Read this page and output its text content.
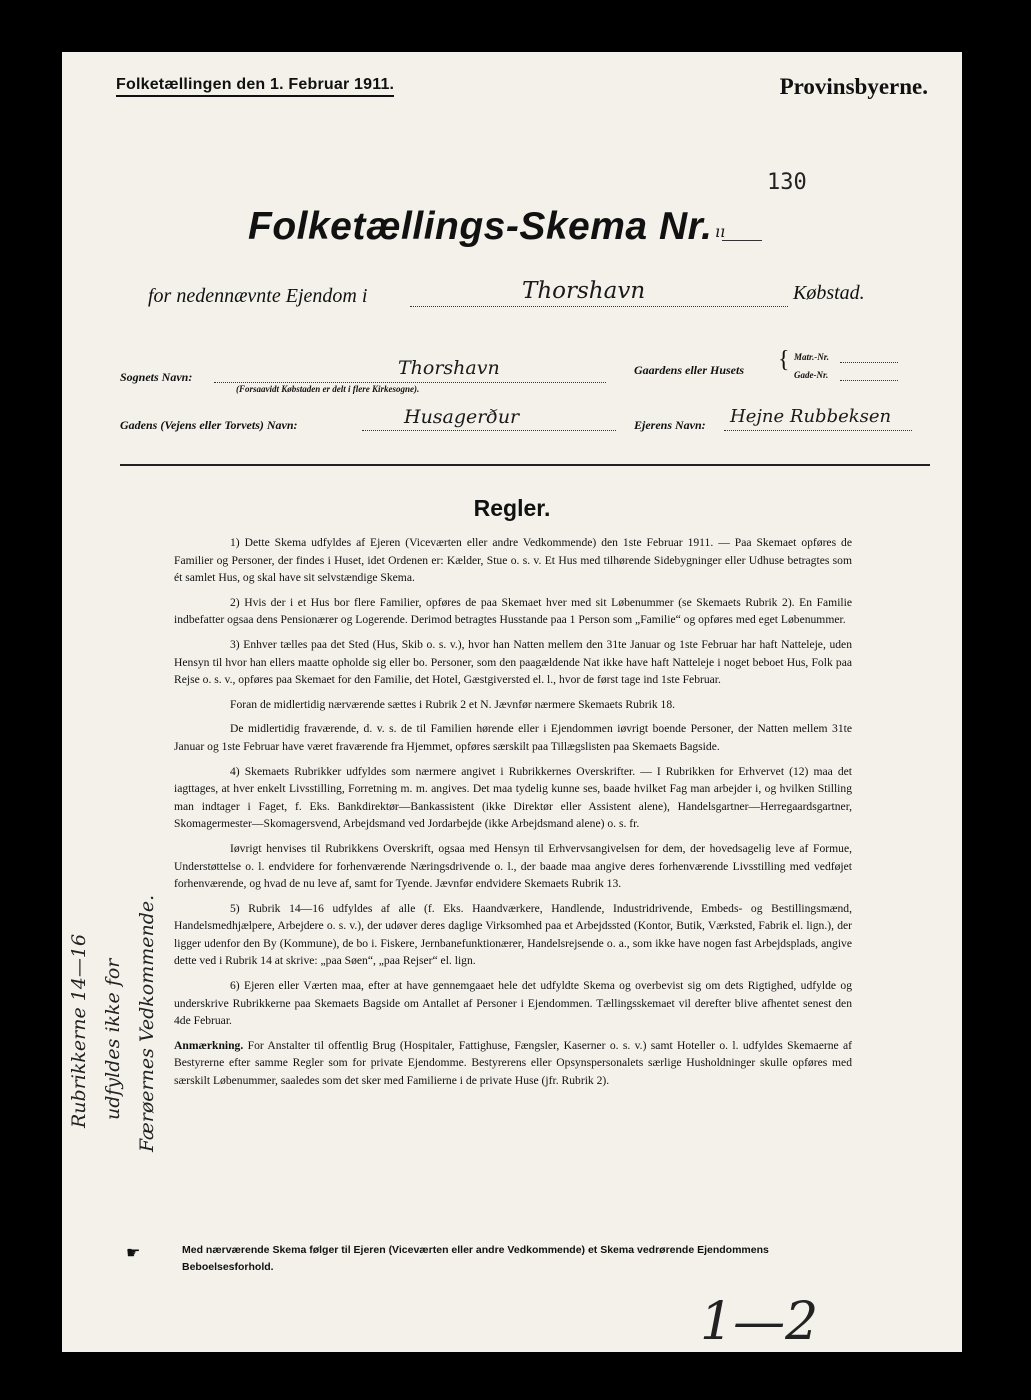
Folketællingen den 1. Februar 1911.	Provinsbyerne.
130
Folketællings-Skema Nr. ıı
for nedennævnte Ejendom i	Thorshavn	Købstad.
Sognets Navn:	Thorshavn
(Forsaavidt Købstaden er delt i flere Kirkesogne).
Gaardens eller Husets { Matr.-Nr.
Gade-Nr.
Gadens (Vejens eller Torvets) Navn:	Husagerður	Ejerens Navn: Hejne Rubbeksen
Regler.

1) Dette Skema udfyldes af Ejeren (Viceværten eller andre Vedkommende) den 1ste Februar 1911. — Paa Skemaet opføres de Familier og Personer, der findes i Huset, idet Ordenen er: Kælder, Stue o. s. v. Et Hus med tilhørende Sidebygninger eller Udhuse betragtes som ét samlet Hus, og skal have sit selvstændige Skema.

2) Hvis der i et Hus bor flere Familier, opføres de paa Skemaet hver med sit Løbenummer (se Skemaets Rubrik 2). En Familie indbefatter ogsaa dens Pensionærer og Logerende. Derimod betragtes Husstande paa 1 Person som „Familie“ og opføres med eget Løbenummer.

3) Enhver tælles paa det Sted (Hus, Skib o. s. v.), hvor han Natten mellem den 31te Januar og 1ste Februar har haft Natteleje, uden Hensyn til hvor han ellers maatte opholde sig eller bo. Personer, som den paagældende Nat ikke have haft Natteleje i noget beboet Hus, Folk paa Rejse o. s. v., opføres paa Skemaet for den Familie, det Hotel, Gæstgiversted el. l., hvor de først tage ind 1ste Februar.

Foran de midlertidig nærværende sættes i Rubrik 2 et N. Jævnfør nærmere Skemaets Rubrik 18.

De midlertidig fraværende, d. v. s. de til Familien hørende eller i Ejendommen iøvrigt boende Personer, der Natten mellem 31te Januar og 1ste Februar have været fraværende fra Hjemmet, opføres særskilt paa Tillægslisten paa Skemaets Bagside.

4) Skemaets Rubrikker udfyldes som nærmere angivet i Rubrikkernes Overskrifter. — I Rubrikken for Erhvervet (12) maa det iagttages, at hver enkelt Livsstilling, Forretning m. m. angives. Det maa tydelig kunne ses, baade hvilket Fag man arbejder i, og hvilken Stilling man indtager i Faget, f. Eks. Bankdirektør—Bankassistent (ikke Direktør eller Assistent alene), Handelsgartner—Herregaardsgartner, Skomagermester—Skomagersvend, Arbejdsmand ved Jordarbejde (ikke Arbejdsmand alene) o. s. fr.

Iøvrigt henvises til Rubrikkens Overskrift, ogsaa med Hensyn til Erhvervsangivelsen for dem, der hovedsagelig leve af Formue, Understøttelse o. l. endvidere for forhenværende Næringsdrivende o. l., der baade maa angive deres forhenværende Livsstilling med vedføjet forhenværende, og hvad de nu leve af, samt for Tyende. Jævnfør endvidere Skemaets Rubrik 13.

5) Rubrik 14—16 udfyldes af alle (f. Eks. Haandværkere, Handlende, Industridrivende, Embeds- og Bestillingsmænd, Handelsmedhjælpere, Arbejdere o. s. v.), der udøver deres daglige Virksomhed paa et Arbejdssted (Kontor, Butik, Værksted, Fabrik el. lign.), der ligger udenfor den By (Kommune), de bo i. Fiskere, Jernbanefunktionærer, Handelsrejsende o. a., som ikke have nogen fast Arbejdsplads, angive dette ved i Rubrik 14 at skrive: „paa Søen“, „paa Rejser“ el. lign.

6) Ejeren eller Værten maa, efter at have gennemgaaet hele det udfyldte Skema og overbevist sig om dets Rigtighed, udfylde og underskrive Rubrikkerne paa Skemaets Bagside om Antallet af Personer i Ejendommen. Tællingsskemaet vil derefter blive afhentet senest den 4de Februar.

Anmærkning. For Anstalter til offentlig Brug (Hospitaler, Fattighuse, Fængsler, Kaserner o. s. v.) samt Hoteller o. l. udfyldes Skemaerne af Bestyrerne efter samme Regler som for private Ejendomme. Bestyrerens eller Opsynspersonalets særlige Husholdninger skulle opføres med særskilt Løbenummer, saaledes som det sker med Familierne i de private Huse (jfr. Rubrik 2).

Rubrikkerne 14—16 udfyldes ikke for Færøernes Vedkommende.
☛	Med nærværende Skema følger til Ejeren (Viceværten eller andre Vedkommende) et Skema vedrørende Ejendommens Beboelsesforhold.
1—2
